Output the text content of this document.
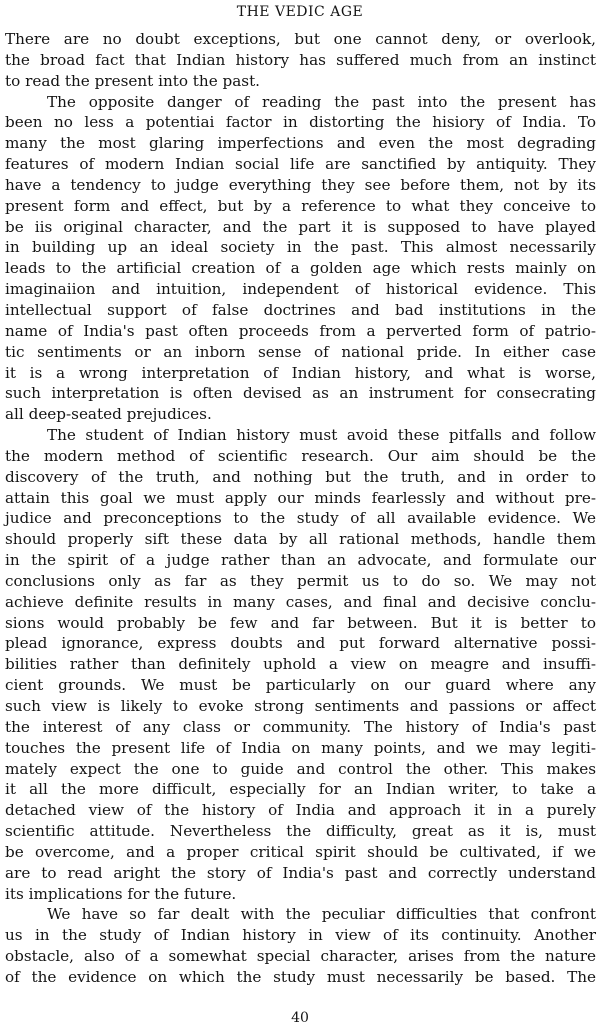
THE VEDIC AGE
There are no doubt exceptions, but one cannot deny, or overlook,
the broad fact that Indian history has suffered much from an instinct
to read the present into the past.
The opposite danger of reading the past into the present has
been no less a potentiai factor in distorting the hisiory of India. To
many the most glaring imperfections and even the most degrading
features of modern Indian social life are sanctified by antiquity. They
have a tendency to judge everything they see before them, not by its
present form and effect, but by a reference to what they conceive to
be iis original character, and the part it is supposed to have played
in building up an ideal society in the past. This almost necessarily
leads to the artificial creation of a golden age which rests mainly on
imaginaiion and intuition, independent of historical evidence. This
intellectual support of false doctrines and bad institutions in the
name of India's past often proceeds from a perverted form of patrio-
tic sentiments or an inborn sense of national pride. In either case
it is a wrong interpretation of Indian history, and what is worse,
such interpretation is often devised as an instrument for consecrating
all deep-seated prejudices.
The student of Indian history must avoid these pitfalls and follow
the modern method of scientific research. Our aim should be the
discovery of the truth, and nothing but the truth, and in order to
attain this goal we must apply our minds fearlessly and without pre-
judice and preconceptions to the study of all available evidence. We
should properly sift these data by all rational methods, handle them
in the spirit of a judge rather than an advocate, and formulate our
conclusions only as far as they permit us to do so. We may not
achieve definite results in many cases, and final and decisive conclu-
sions would probably be few and far between. But it is better to
plead ignorance, express doubts and put forward alternative possi-
bilities rather than definitely uphold a view on meagre and insuffi-
cient grounds. We must be particularly on our guard where any
such view is likely to evoke strong sentiments and passions or affect
the interest of any class or community. The history of India's past
touches the present life of India on many points, and we may legiti-
mately expect the one to guide and control the other. This makes
it all the more difficult, especially for an Indian writer, to take a
detached view of the history of India and approach it in a purely
scientific attitude. Nevertheless the difficulty, great as it is, must
be overcome, and a proper critical spirit should be cultivated, if we
are to read aright the story of India's past and correctly understand
its implications for the future.
We have so far dealt with the peculiar difficulties that confront
us in the study of Indian history in view of its continuity. Another
obstacle, also of a somewhat special character, arises from the nature
of the evidence on which the study must necessarily be based. The
40
